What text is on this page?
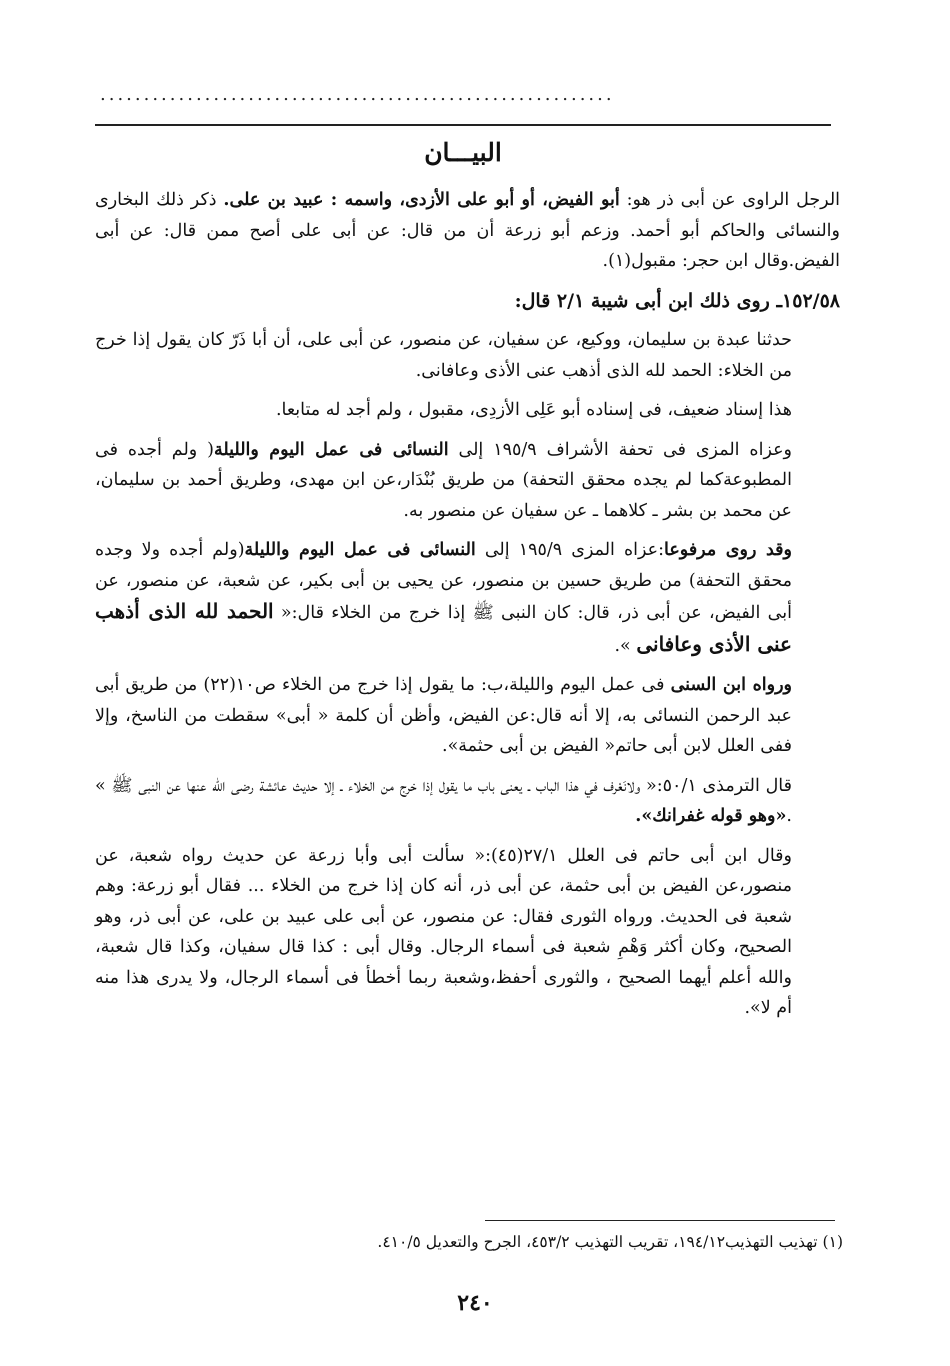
...........................................................
البيـــان

الرجل الراوى عن أبى ذر هو: أبو الفيض، أو أبو على الأزدى، واسمه : عبيد بن على. ذكر ذلك البخارى والنسائى والحاكم أبو أحمد. وزعم أبو زرعة أن من قال: عن أبى على أصح ممن قال: عن أبى الفيض.وقال ابن حجر: مقبول(١).

١٥٢/٥٨ـ روى ذلك ابن أبى شيبة ٢/١ قال:

حدثنا عبدة بن سليمان، ووكيع، عن سفيان، عن منصور، عن أبى على، أن أبا ذَرّ كان يقول إذا خرج من الخلاء: الحمد لله الذى أذهب عنى الأذى وعافانى.

هذا إسناد ضعيف، فى إسناده أبو عَلِى الأزدِى، مقبول ، ولم أجد له متابعا.

وعزاه المزى فى تحفة الأشراف ١٩٥/٩ إلى النسائى فى عمل اليوم والليلة( ولم أجده فى المطبوعةكما لم يجده محقق التحفة) من طريق بُنْدَار،عن ابن مهدى، وطريق أحمد بن سليمان، عن محمد بن بشر ـ كلاهما ـ عن سفيان عن منصور به.

وقد روى مرفوعا:عزاه المزى ١٩٥/٩ إلى النسائى فى عمل اليوم والليلة(ولم أجده ولا وجده محقق التحفة) من طريق حسين بن منصور، عن يحيى بن أبى بكير، عن شعبة، عن منصور، عن أبى الفيض، عن أبى ذر، قال: كان النبى ﷺ إذا خرج من الخلاء قال:« الحمد لله الذى أذهب عنى الأذى وعافانى ».

ورواه ابن السنى فى عمل اليوم والليلة،ب: ما يقول إذا خرج من الخلاء ص١٠(٢٢) من طريق أبى عبد الرحمن النسائى به، إلا أنه قال:عن الفيض، وأظن أن كلمة « أبى» سقطت من الناسخ، وإلا ففى العلل لابن أبى حاتم« الفيض بن أبى حثمة».

قال الترمذى ٥٠/١:« ولانَعْرف في هذا الباب ـ يعنى باب ما يقول إذا خرج من الخلاء ـ إلا حديث عائشة رضى الله عنها عن النبى ﷺ » .«وهو قوله غفرانك».

وقال ابن أبى حاتم فى العلل ٢٧/١(٤٥):« سألت أبى وأبا زرعة عن حديث رواه شعبة، عن منصور،عن الفيض بن أبى حثمة، عن أبى ذر، أنه كان إذا خرج من الخلاء ... فقال أبو زرعة: وهم شعبة فى الحديث. ورواه الثورى فقال: عن منصور، عن أبى على عبيد بن على، عن أبى ذر، وهو الصحيح، وكان أكثر وَهْمِ شعبة فى أسماء الرجال. وقال أبى : كذا قال سفيان، وكذا قال شعبة، والله أعلم أيهما الصحيح ، والثورى أحفظ،وشعبة ربما أخطأ فى أسماء الرجال، ولا يدرى هذا منه أم لا».

(١) تهذيب التهذيب١٩٤/١٢، تقريب التهذيب ٤٥٣/٢، الجرح والتعديل ٤١٠/٥.
٢٤٠
